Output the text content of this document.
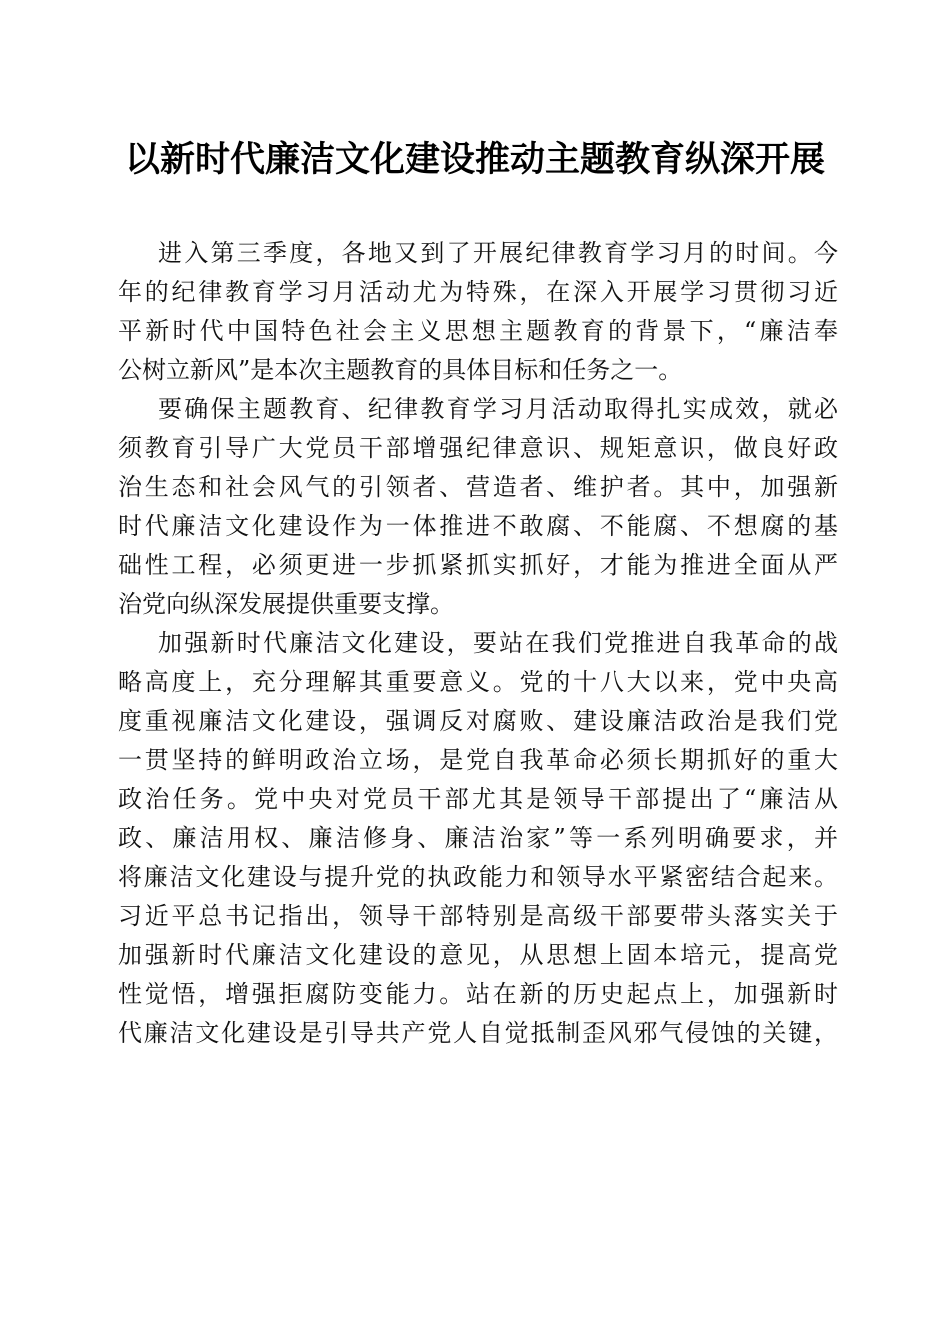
以新时代廉洁文化建设推动主题教育纵深开展
进入第三季度，各地又到了开展纪律教育学习月的时间。今
年的纪律教育学习月活动尤为特殊，在深入开展学习贯彻习近
平新时代中国特色社会主义思想主题教育的背景下，“廉洁奉
公树立新风”是本次主题教育的具体目标和任务之一。
要确保主题教育、纪律教育学习月活动取得扎实成效，就必
须教育引导广大党员干部增强纪律意识、规矩意识，做良好政
治生态和社会风气的引领者、营造者、维护者。其中，加强新
时代廉洁文化建设作为一体推进不敢腐、不能腐、不想腐的基
础性工程，必须更进一步抓紧抓实抓好，才能为推进全面从严
治党向纵深发展提供重要支撑。
加强新时代廉洁文化建设，要站在我们党推进自我革命的战
略高度上，充分理解其重要意义。党的十八大以来，党中央高
度重视廉洁文化建设，强调反对腐败、建设廉洁政治是我们党
一贯坚持的鲜明政治立场，是党自我革命必须长期抓好的重大
政治任务。党中央对党员干部尤其是领导干部提出了“廉洁从
政、廉洁用权、廉洁修身、廉洁治家”等一系列明确要求，并
将廉洁文化建设与提升党的执政能力和领导水平紧密结合起来。
习近平总书记指出，领导干部特别是高级干部要带头落实关于
加强新时代廉洁文化建设的意见，从思想上固本培元，提高党
性觉悟，增强拒腐防变能力。站在新的历史起点上，加强新时
代廉洁文化建设是引导共产党人自觉抵制歪风邪气侵蚀的关键，
